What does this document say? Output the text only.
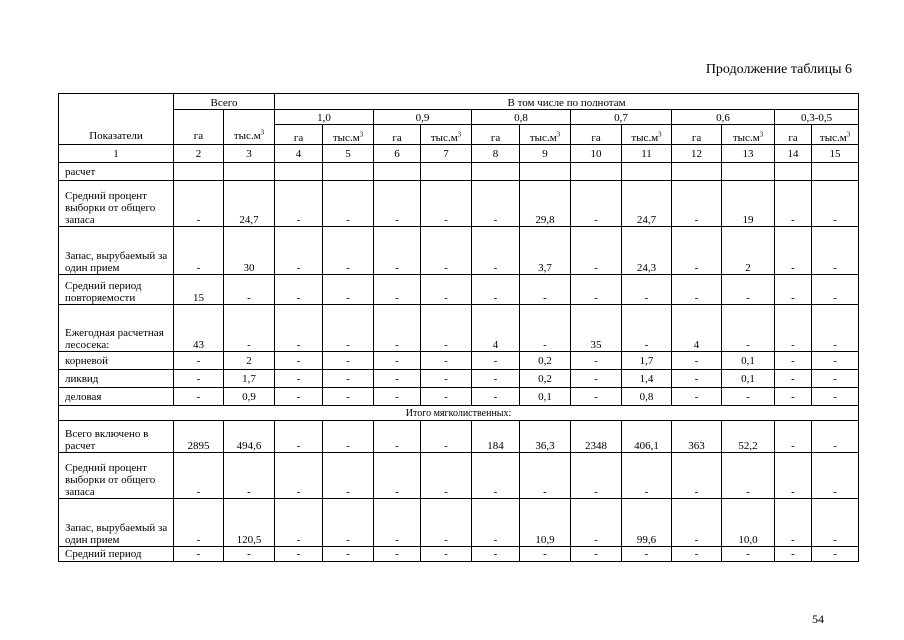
Продолжение таблицы 6
Показатели	Всего		В том числе по полнотам											
	га	$тыс.м^3$	1,0		0,9		0,8		0,7		0,6		0,3-0,5	
			га	$тыс.м^3$	га	$тыс.м^3$	га	$тыс.м^3$	га	$тыс.м^3$	га	$тыс.м^3$	га	$тыс.м^3$
1	2	3	4	5	6	7	8	9	10	11	12	13	14	15
расчет														
Средний процент выборки от общего запаса	-	24,7	-	-	-	-	-	29,8	-	24,7	-	19	-	-
Запас, вырубаемый за один прием	-	30	-	-	-	-	-	3,7	-	24,3	-	2	-	-
Средний период повторяемости	15	-	-	-	-	-	-	-	-	-	-	-	-	-
Ежегодная расчетная лесосека:	43	-	-	-	-	-	4	-	35	-	4	-	-	-
корневой	-	2	-	-	-	-	-	0,2	-	1,7	-	0,1	-	-
ликвид	-	1,7	-	-	-	-	-	0,2	-	1,4	-	0,1	-	-
деловая	-	0,9	-	-	-	-	-	0,1	-	0,8	-	-	-	-
Итого мягколиственных:														
Всего включено в расчет	2895	494,6	-	-	-	-	184	36,3	2348	406,1	363	52,2	-	-
Средний процент выборки от общего запаса	-	-	-	-	-	-	-	-	-	-	-	-	-	-
Запас, вырубаемый за один прием	-	120,5	-	-	-	-	-	10,9	-	99,6	-	10,0	-	-
Средний период	-	-	-	-	-	-	-	-	-	-	-	-	-	-
54
